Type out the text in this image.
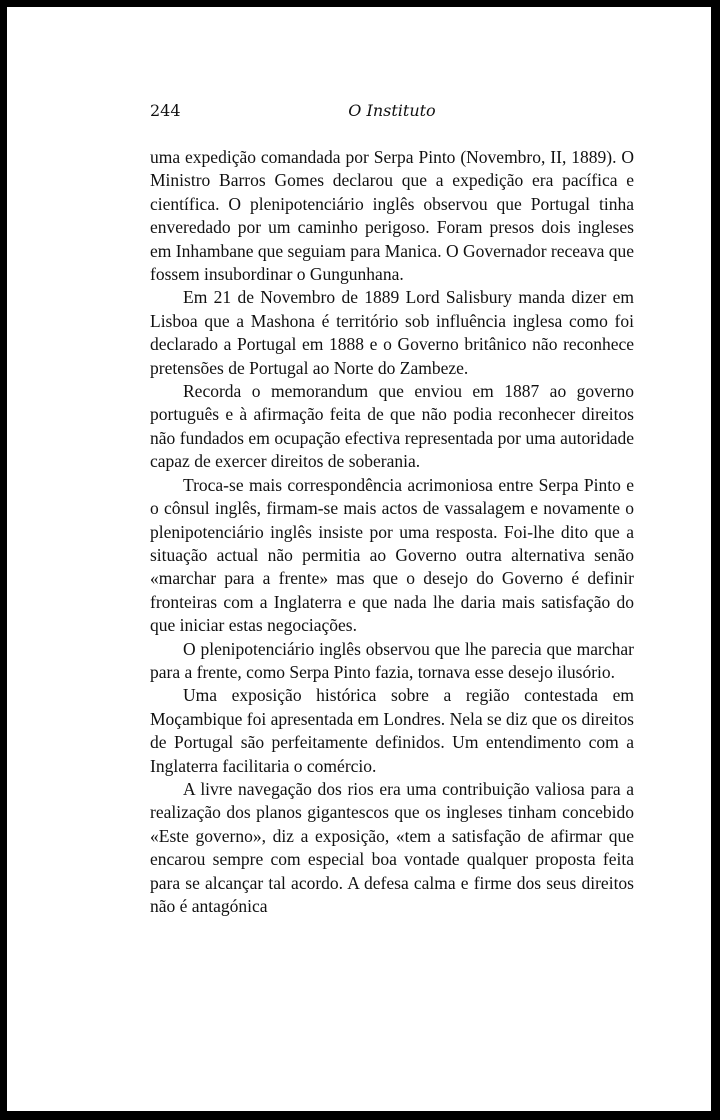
244	O Instituto

uma expedição comandada por Serpa Pinto (Novembro, II, 1889). O Ministro Barros Gomes declarou que a expedição era pacífica e científica. O plenipotenciário inglês observou que Portugal tinha enveredado por um caminho perigoso. Foram presos dois ingleses em Inhambane que seguiam para Manica. O Governador receava que fossem insubordinar o Gungunhana.

Em 21 de Novembro de 1889 Lord Salisbury manda dizer em Lisboa que a Mashona é território sob influência inglesa como foi declarado a Portugal em 1888 e o Governo britânico não reconhece pretensões de Portugal ao Norte do Zambeze.

Recorda o memorandum que enviou em 1887 ao governo português e à afirmação feita de que não podia reconhecer direitos não fundados em ocupação efectiva representada por uma autoridade capaz de exercer direitos de soberania.

Troca-se mais correspondência acrimoniosa entre Serpa Pinto e o cônsul inglês, firmam-se mais actos de vassalagem e novamente o plenipotenciário inglês insiste por uma resposta. Foi-lhe dito que a situação actual não permitia ao Governo outra alternativa senão «marchar para a frente» mas que o desejo do Governo é definir fronteiras com a Inglaterra e que nada lhe daria mais satisfação do que iniciar estas negociações.

O plenipotenciário inglês observou que lhe parecia que marchar para a frente, como Serpa Pinto fazia, tornava esse desejo ilusório.

Uma exposição histórica sobre a região contestada em Moçambique foi apresentada em Londres. Nela se diz que os direitos de Portugal são perfeitamente definidos. Um entendimento com a Inglaterra facilitaria o comércio.

A livre navegação dos rios era uma contribuição valiosa para a realização dos planos gigantescos que os ingleses tinham concebido «Este governo», diz a exposição, «tem a satisfação de afirmar que encarou sempre com especial boa vontade qualquer proposta feita para se alcançar tal acordo. A defesa calma e firme dos seus direitos não é antagónica
